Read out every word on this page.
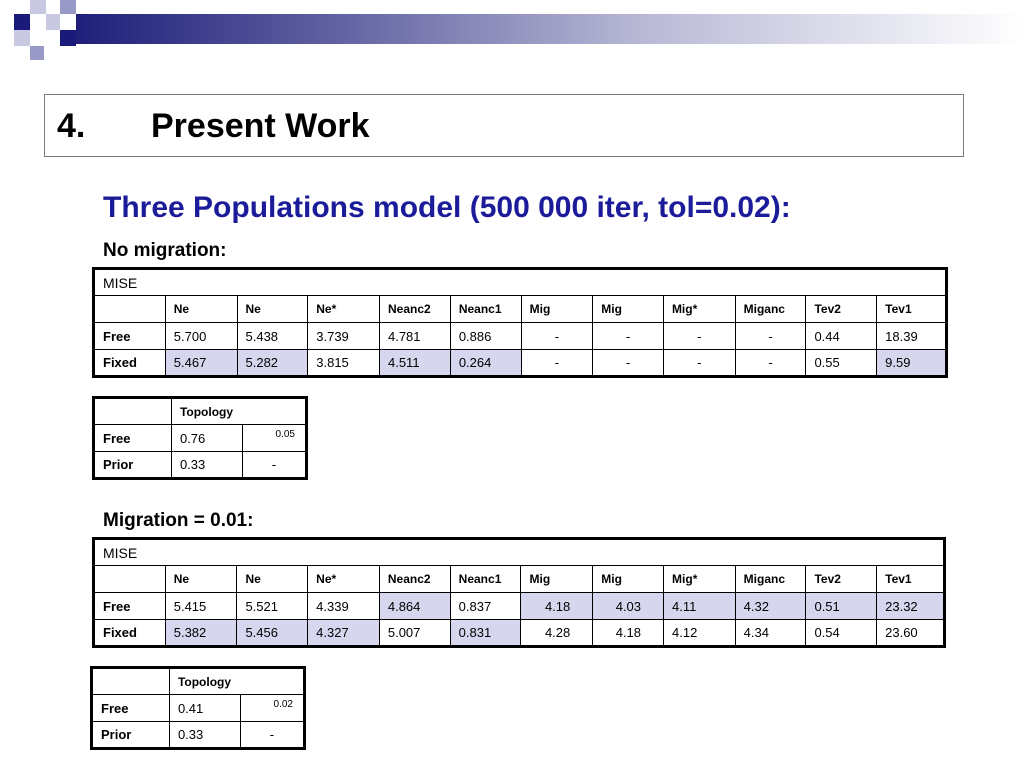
4. Present Work
Three Populations model (500 000 iter, tol=0.02):
No migration:
MISE											
	Ne	Ne	Ne*	Neanc2	Neanc1	Mig	Mig	Mig*	Miganc	Tev2	Tev1
Free	5.700	5.438	3.739	4.781	0.886	-	-	-	-	0.44	18.39
Fixed	5.467	5.282	3.815	4.511	0.264	-	-	-	-	0.55	9.59
	Topology	
Free	0.76	0.05
Prior	0.33	-
Migration = 0.01:
MISE											
	Ne	Ne	Ne*	Neanc2	Neanc1	Mig	Mig	Mig*	Miganc	Tev2	Tev1
Free	5.415	5.521	4.339	4.864	0.837	4.18	4.03	4.11	4.32	0.51	23.32
Fixed	5.382	5.456	4.327	5.007	0.831	4.28	4.18	4.12	4.34	0.54	23.60
	Topology	
Free	0.41	0.02
Prior	0.33	-
